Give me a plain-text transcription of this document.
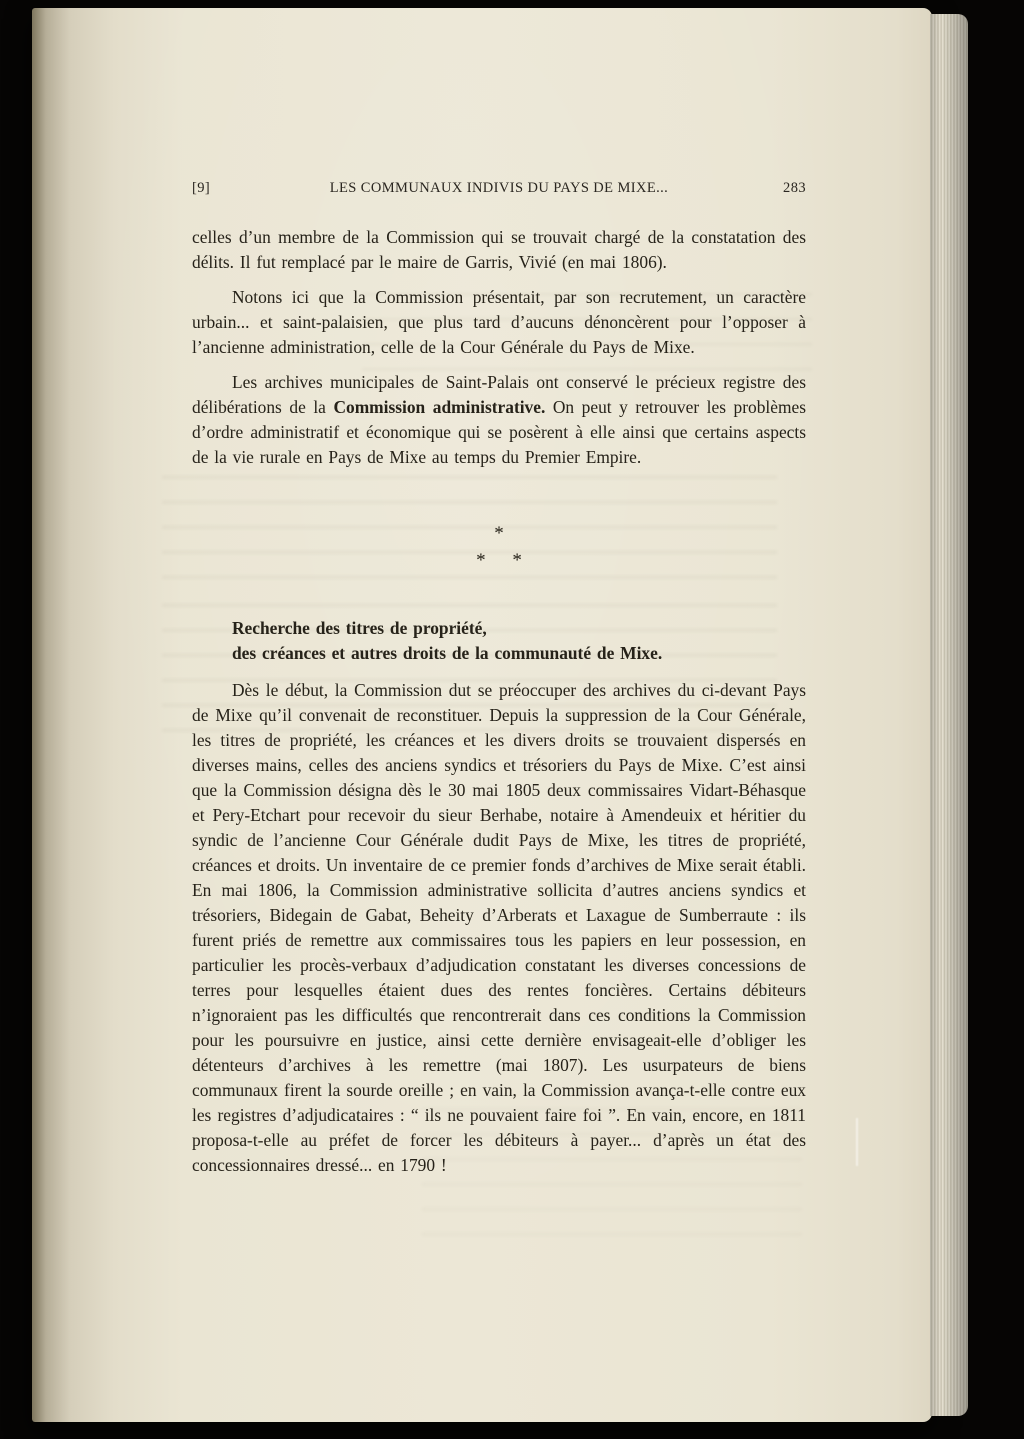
[9]	LES COMMUNAUX INDIVIS DU PAYS DE MIXE...	283

celles d’un membre de la Commission qui se trouvait chargé de la constatation des délits. Il fut remplacé par le maire de Garris, Vivié (en mai 1806).

Notons ici que la Commission présentait, par son recrutement, un caractère urbain... et saint-palaisien, que plus tard d’aucuns dénoncèrent pour l’opposer à l’ancienne administration, celle de la Cour Générale du Pays de Mixe.

Les archives municipales de Saint-Palais ont conservé le précieux registre des délibérations de la Commission administrative. On peut y retrouver les problèmes d’ordre administratif et économique qui se posèrent à elle ainsi que certains aspects de la vie rurale en Pays de Mixe au temps du Premier Empire.

*
* *
Recherche des titres de propriété,
des créances et autres droits de la communauté de Mixe.

Dès le début, la Commission dut se préoccuper des archives du ci-devant Pays de Mixe qu’il convenait de reconstituer. Depuis la suppression de la Cour Générale, les titres de propriété, les créances et les divers droits se trouvaient dispersés en diverses mains, celles des anciens syndics et trésoriers du Pays de Mixe. C’est ainsi que la Commission désigna dès le 30 mai 1805 deux commissaires Vidart-Béhasque et Pery-Etchart pour recevoir du sieur Berhabe, notaire à Amendeuix et héritier du syndic de l’ancienne Cour Générale dudit Pays de Mixe, les titres de propriété, créances et droits. Un inventaire de ce premier fonds d’archives de Mixe serait établi. En mai 1806, la Commission administrative sollicita d’autres anciens syndics et trésoriers, Bidegain de Gabat, Beheity d’Arberats et Laxague de Sumberraute : ils furent priés de remettre aux commissaires tous les papiers en leur possession, en particulier les procès-verbaux d’adjudication constatant les diverses concessions de terres pour lesquelles étaient dues des rentes foncières. Certains débiteurs n’ignoraient pas les difficultés que rencontrerait dans ces conditions la Commission pour les poursuivre en justice, ainsi cette dernière envisageait-elle d’obliger les détenteurs d’archives à les remettre (mai 1807). Les usurpateurs de biens communaux firent la sourde oreille ; en vain, la Commission avança-t-elle contre eux les registres d’adjudicataires : “ ils ne pouvaient faire foi ”. En vain, encore, en 1811 proposa-t-elle au préfet de forcer les débiteurs à payer... d’après un état des concessionnaires dressé... en 1790 !
